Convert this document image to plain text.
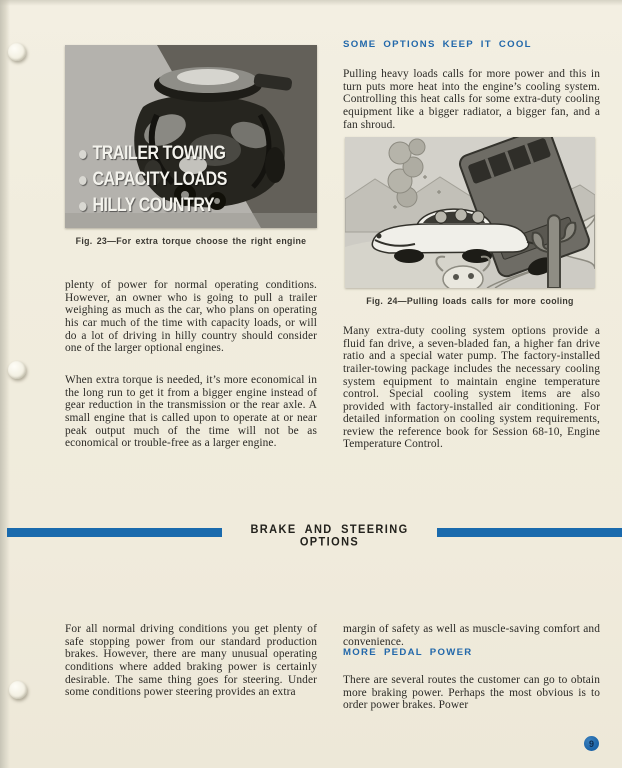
TRAILER TOWING
CAPACITY LOADS
HILLY COUNTRY
Fig. 23—For extra torque choose the right engine

plenty of power for normal operating conditions. However, an owner who is going to pull a trailer weighing as much as the car, who plans on operating his car much of the time with capacity loads, or will do a lot of driving in hilly country should consider one of the larger optional engines.

When extra torque is needed, it’s more economical in the long run to get it from a bigger engine instead of gear reduction in the transmission or the rear axle. A small engine that is called upon to operate at or near peak output much of the time will not be as economical or trouble-free as a larger engine.

SOME OPTIONS KEEP IT COOL

Pulling heavy loads calls for more power and this in turn puts more heat into the engine’s cooling system. Controlling this heat calls for some extra-duty cooling equipment like a bigger radiator, a bigger fan, and a fan shroud.

Fig. 24—Pulling loads calls for more cooling

Many extra-duty cooling system options provide a fluid fan drive, a seven-bladed fan, a higher fan drive ratio and a special water pump. The factory-installed trailer-towing package includes the necessary cooling system equipment to maintain engine temperature control. Special cooling system items are also provided with factory-installed air conditioning. For detailed information on cooling system requirements, review the reference book for Session 68-10, Engine Temperature Control.

BRAKE AND STEERING OPTIONS

For all normal driving conditions you get plenty of safe stopping power from our standard production brakes. However, there are many unusual operating conditions where added braking power is certainly desirable. The same thing goes for steering. Under some conditions power steering provides an extra

margin of safety as well as muscle-saving comfort and convenience.

MORE PEDAL POWER

There are several routes the customer can go to obtain more braking power. Perhaps the most obvious is to order power brakes. Power

9
